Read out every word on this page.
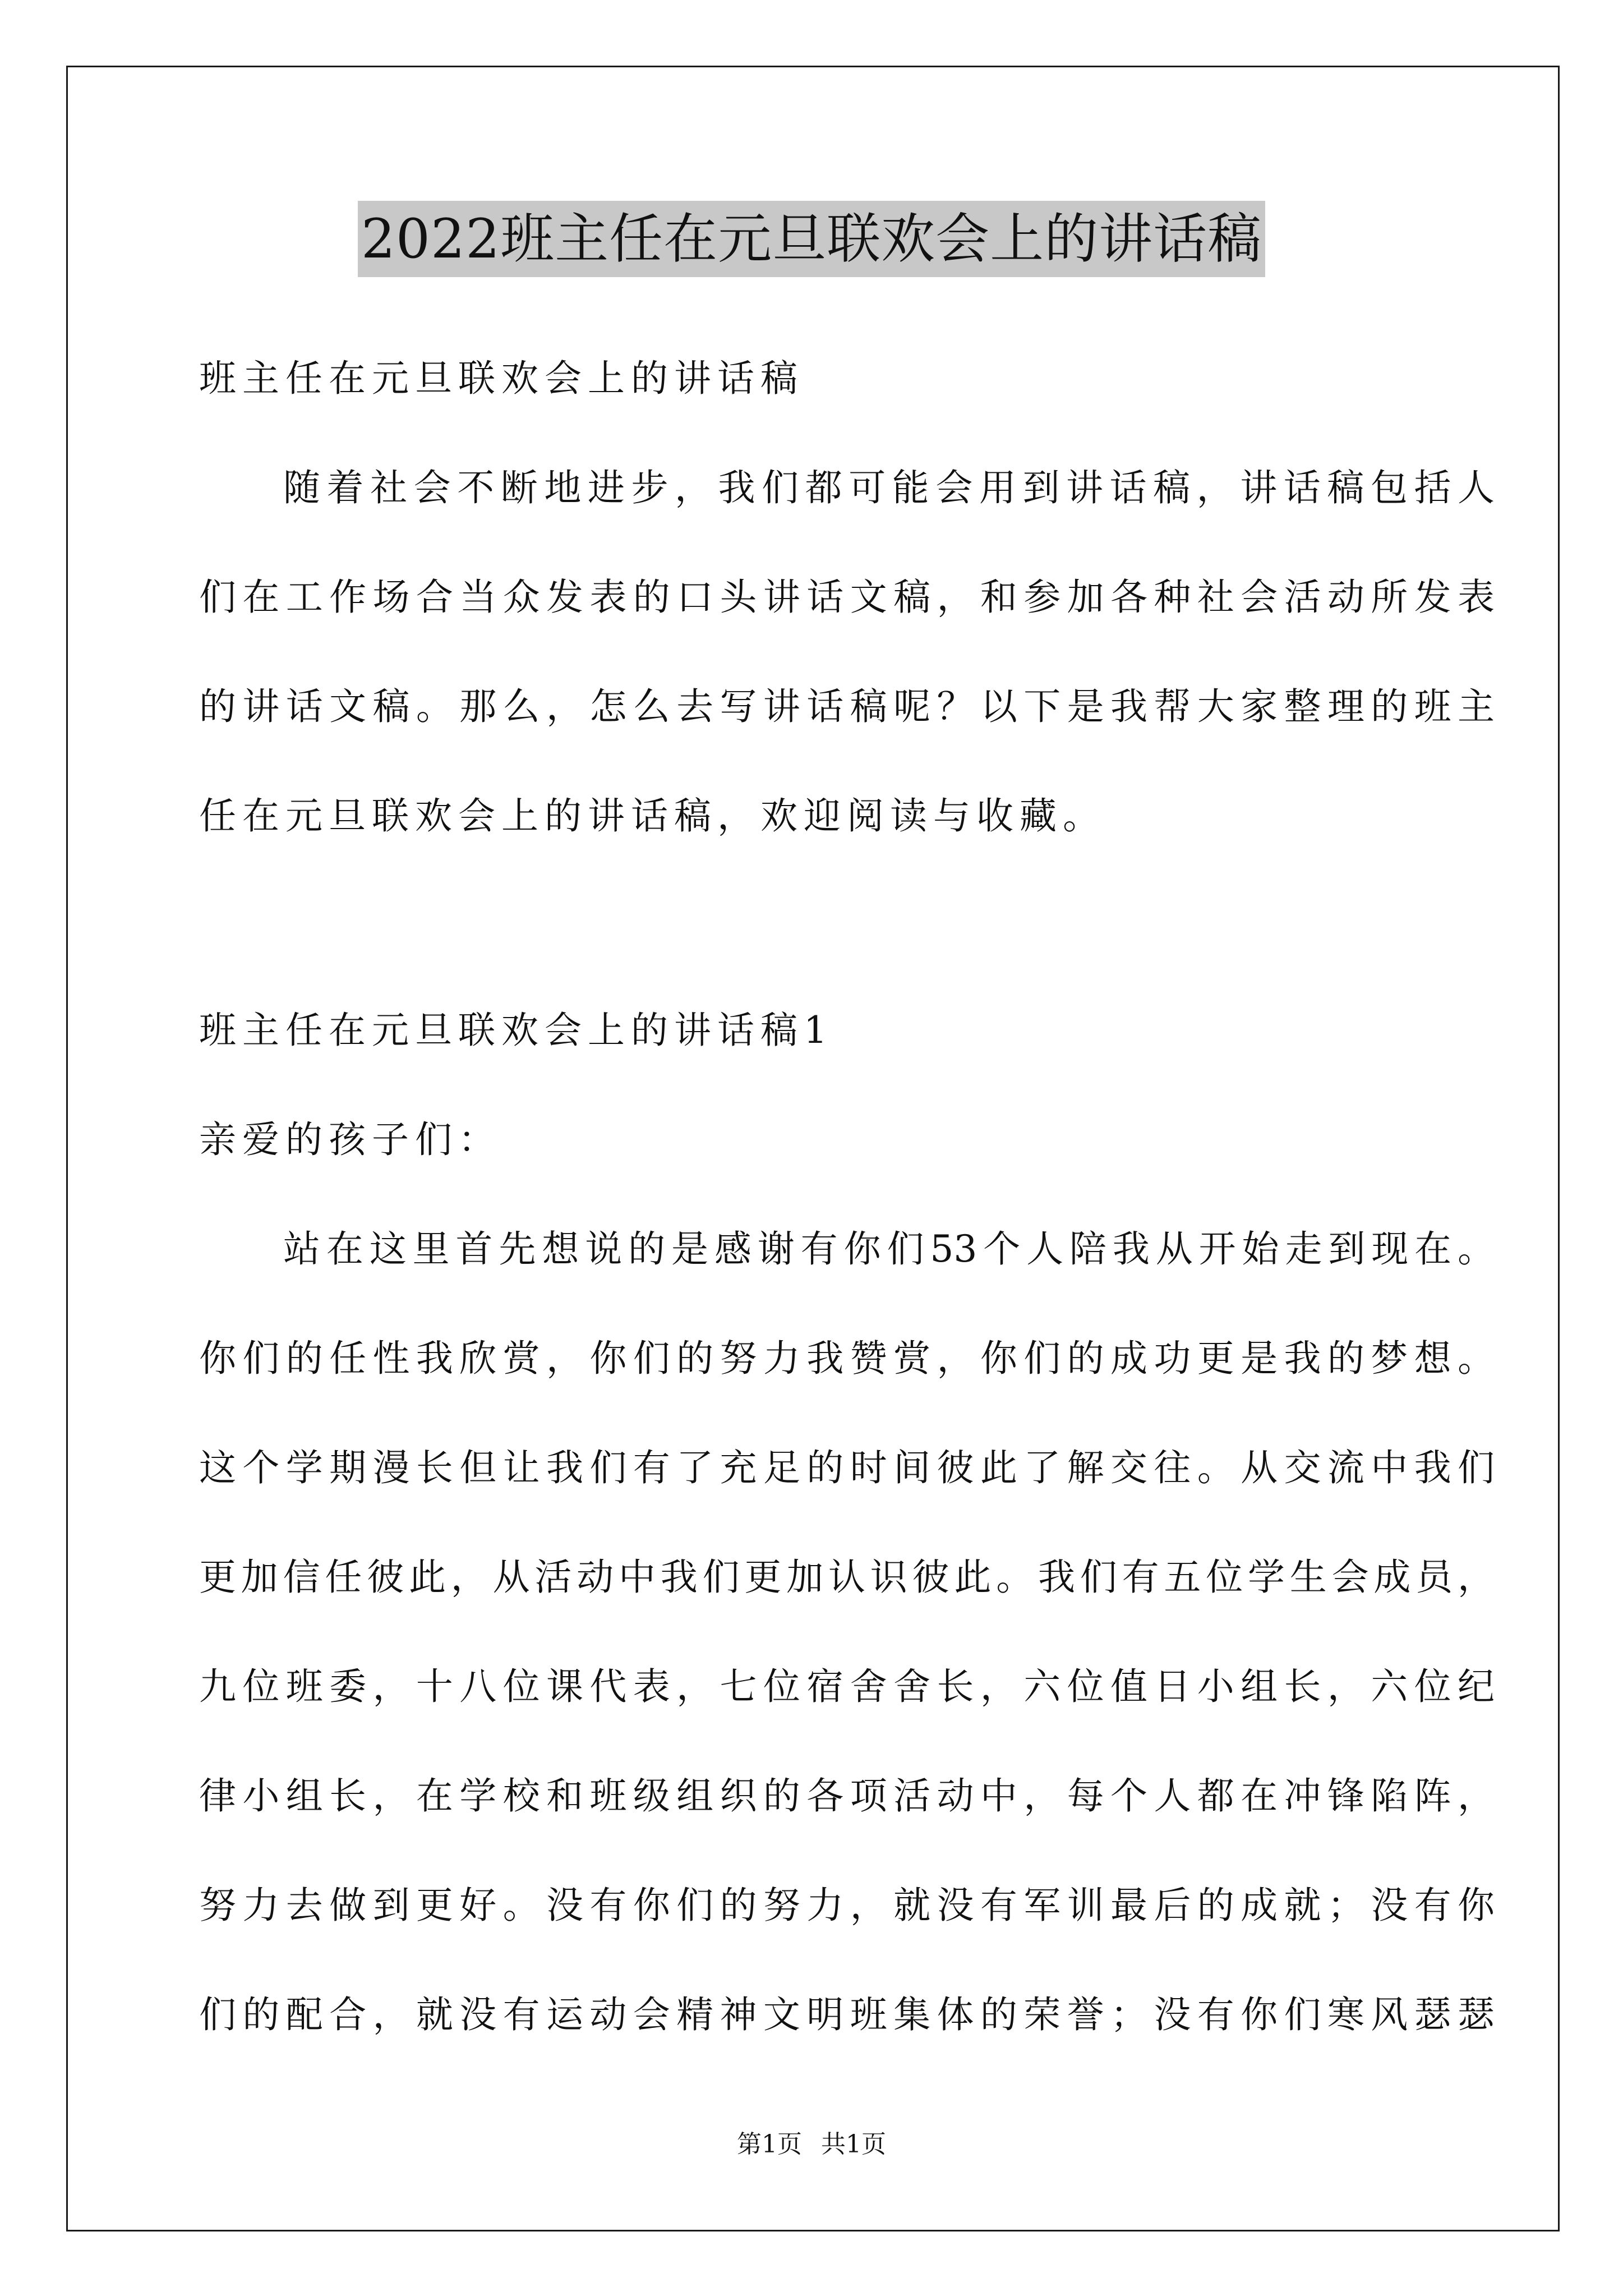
2022班主任在元旦联欢会上的讲话稿
班主任在元旦联欢会上的讲话稿
随着社会不断地进步，我们都可能会用到讲话稿，讲话稿包括人
们在工作场合当众发表的口头讲话文稿，和参加各种社会活动所发表
的讲话文稿。那么，怎么去写讲话稿呢？以下是我帮大家整理的班主
任在元旦联欢会上的讲话稿，欢迎阅读与收藏。
班主任在元旦联欢会上的讲话稿1
亲爱的孩子们：
站在这里首先想说的是感谢有你们53个人陪我从开始走到现在。
你们的任性我欣赏，你们的努力我赞赏，你们的成功更是我的梦想。
这个学期漫长但让我们有了充足的时间彼此了解交往。从交流中我们
更加信任彼此，从活动中我们更加认识彼此。我们有五位学生会成员，
九位班委，十八位课代表，七位宿舍舍长，六位值日小组长，六位纪
律小组长，在学校和班级组织的各项活动中，每个人都在冲锋陷阵，
努力去做到更好。没有你们的努力，就没有军训最后的成就；没有你
们的配合，就没有运动会精神文明班集体的荣誉；没有你们寒风瑟瑟
第1页 共1页
